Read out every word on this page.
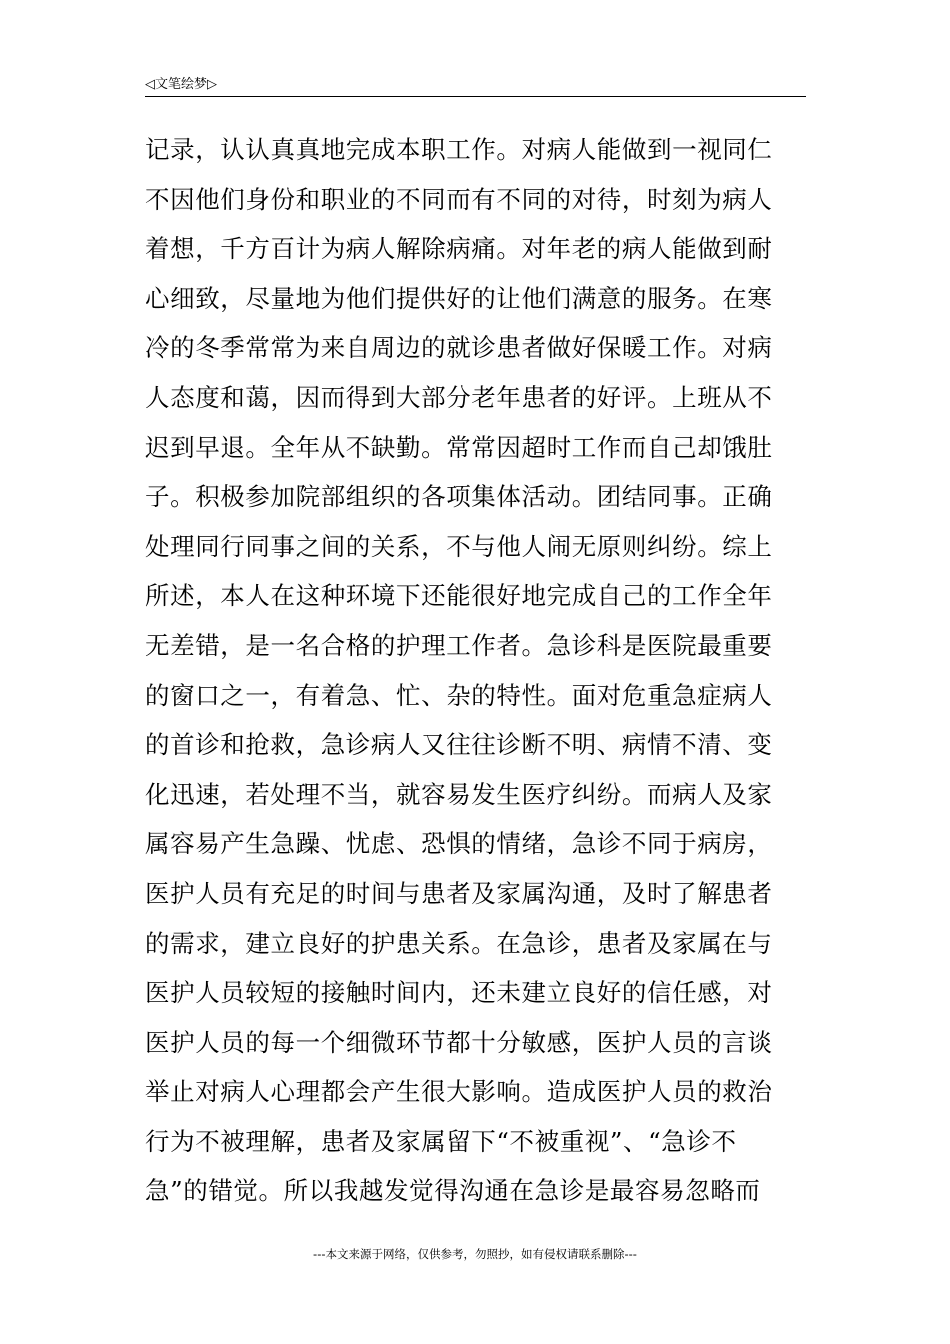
◁文笔绘梦▷
记录，认认真真地完成本职工作。对病人能做到一视同仁
不因他们身份和职业的不同而有不同的对待，时刻为病人
着想，千方百计为病人解除病痛。对年老的病人能做到耐
心细致，尽量地为他们提供好的让他们满意的服务。在寒
冷的冬季常常为来自周边的就诊患者做好保暖工作。对病
人态度和蔼，因而得到大部分老年患者的好评。上班从不
迟到早退。全年从不缺勤。常常因超时工作而自己却饿肚
子。积极参加院部组织的各项集体活动。团结同事。正确
处理同行同事之间的关系，不与他人闹无原则纠纷。综上
所述，本人在这种环境下还能很好地完成自己的工作全年
无差错，是一名合格的护理工作者。急诊科是医院最重要
的窗口之一，有着急、忙、杂的特性。面对危重急症病人
的首诊和抢救，急诊病人又往往诊断不明、病情不清、变
化迅速，若处理不当，就容易发生医疗纠纷。而病人及家
属容易产生急躁、忧虑、恐惧的情绪，急诊不同于病房，
医护人员有充足的时间与患者及家属沟通，及时了解患者
的需求，建立良好的护患关系。在急诊，患者及家属在与
医护人员较短的接触时间内，还未建立良好的信任感，对
医护人员的每一个细微环节都十分敏感，医护人员的言谈
举止对病人心理都会产生很大影响。造成医护人员的救治
行为不被理解，患者及家属留下“不被重视”、“急诊不
急”的错觉。所以我越发觉得沟通在急诊是最容易忽略而
---本文来源于网络，仅供参考，勿照抄，如有侵权请联系删除---
